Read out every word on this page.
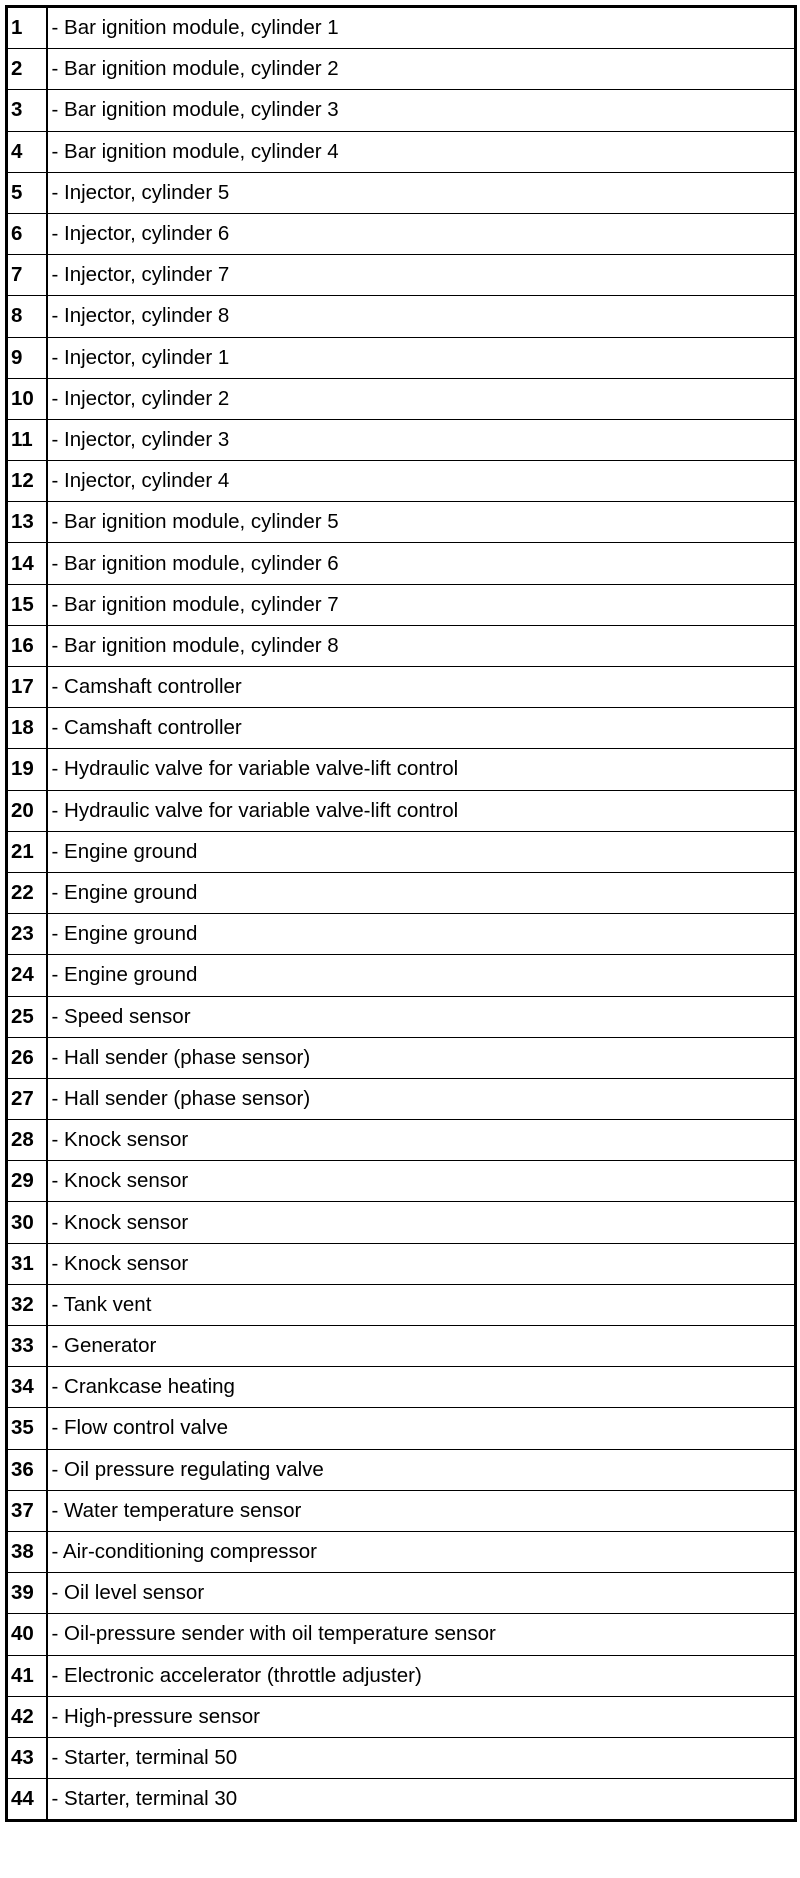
1	- Bar ignition module, cylinder 1
2	- Bar ignition module, cylinder 2
3	- Bar ignition module, cylinder 3
4	- Bar ignition module, cylinder 4
5	- Injector, cylinder 5
6	- Injector, cylinder 6
7	- Injector, cylinder 7
8	- Injector, cylinder 8
9	- Injector, cylinder 1
10	- Injector, cylinder 2
11	- Injector, cylinder 3
12	- Injector, cylinder 4
13	- Bar ignition module, cylinder 5
14	- Bar ignition module, cylinder 6
15	- Bar ignition module, cylinder 7
16	- Bar ignition module, cylinder 8
17	- Camshaft controller
18	- Camshaft controller
19	- Hydraulic valve for variable valve-lift control
20	- Hydraulic valve for variable valve-lift control
21	- Engine ground
22	- Engine ground
23	- Engine ground
24	- Engine ground
25	- Speed sensor
26	- Hall sender (phase sensor)
27	- Hall sender (phase sensor)
28	- Knock sensor
29	- Knock sensor
30	- Knock sensor
31	- Knock sensor
32	- Tank vent
33	- Generator
34	- Crankcase heating
35	- Flow control valve
36	- Oil pressure regulating valve
37	- Water temperature sensor
38	- Air-conditioning compressor
39	- Oil level sensor
40	- Oil-pressure sender with oil temperature sensor
41	- Electronic accelerator (throttle adjuster)
42	- High-pressure sensor
43	- Starter, terminal 50
44	- Starter, terminal 30
